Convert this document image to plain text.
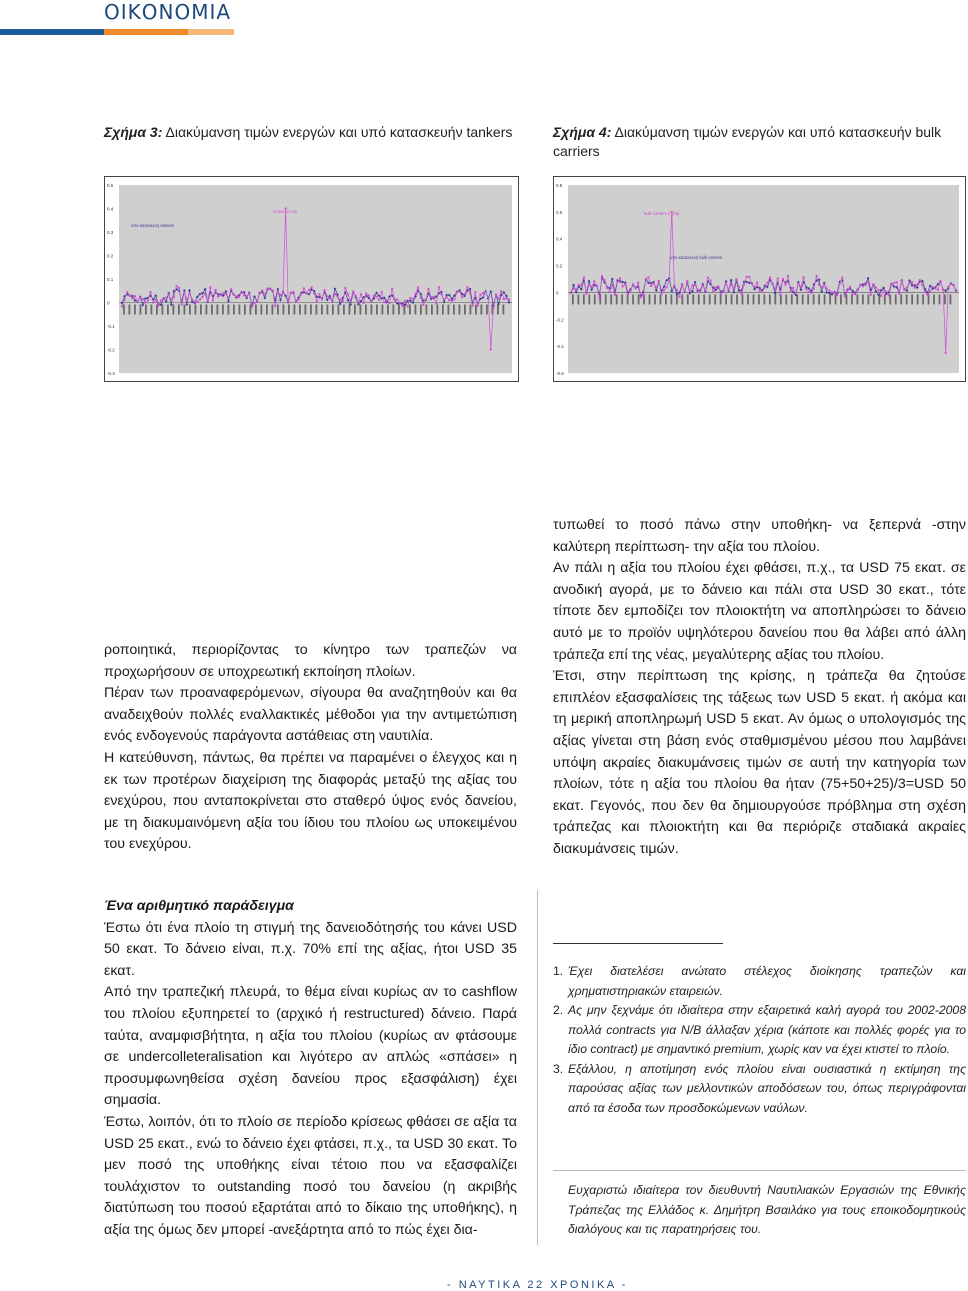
ΟΙΚΟΝΟΜΙΑ
Σχήμα 3: Διακύμανση τιμών ενεργών και υπό κατασκευήν tankers	Σχήμα 4: Διακύμανση τιμών ενεργών και υπό κατασκευήν bulk carriers
0.5
0.4
0.3
0.2
0.1
0
-0.1
-0.2
-0.3
υπο κατασκευή tankers
tankers2-c/or
0.8
0.6
0.4
0.2
0
-0.2
-0.4
-0.6
υπο κατασκευή bulk carriers
bulk carriers 5 y/op

ροποιητικά, περιορίζοντας το κίνητρο των τραπεζών να προχωρήσουν σε υποχρεωτική εκποίηση πλοίων.

Πέραν των προαναφερόμενων, σίγουρα θα αναζητηθούν και θα αναδειχθούν πολλές εναλλακτικές μέθοδοι για την αντιμετώπιση ενός ενδογενούς παράγοντα αστάθειας στη ναυτιλία.

Η κατεύθυνση, πάντως, θα πρέπει να παραμένει ο έλεγχος και η εκ των προτέρων διαχείριση της διαφοράς μεταξύ της αξίας του ενεχύρου, που ανταποκρίνεται στο σταθερό ύψος ενός δανείου, με τη διακυμαινόμενη αξία του ίδιου του πλοίου ως υποκειμένου του ενεχύρου.

τυπωθεί το ποσό πάνω στην υποθήκη- να ξεπερνά -στην καλύτερη περίπτωση- την αξία του πλοίου.

Αν πάλι η αξία του πλοίου έχει φθάσει, π.χ., τα USD 75 εκατ. σε ανοδική αγορά, με το δάνειο και πάλι στα USD 30 εκατ., τότε τίποτε δεν εμποδίζει τον πλοιοκτήτη να αποπληρώσει το δάνειο αυτό με το προϊόν υψηλότερου δανείου που θα λάβει από άλλη τράπεζα επί της νέας, μεγαλύτερης αξίας του πλοίου.

Έτσι, στην περίπτωση της κρίσης, η τράπεζα θα ζητούσε επιπλέον εξασφαλίσεις της τάξεως των USD 5 εκατ. ή ακόμα και τη μερική αποπληρωμή USD 5 εκατ. Αν όμως ο υπολογισμός της αξίας γίνεται στη βάση ενός σταθμισμένου μέσου που λαμβάνει υπόψη ακραίες διακυμάνσεις τιμών σε αυτή την κατηγορία των πλοίων, τότε η αξία του πλοίου θα ήταν (75+50+25)/3=USD 50 εκατ. Γεγονός, που δεν θα δημιουργούσε πρόβλημα στη σχέση τράπεζας και πλοιοκτήτη και θα περιόριζε σταδιακά ακραίες διακυμάνσεις τιμών.

Ένα αριθμητικό παράδειγμα

Έστω ότι ένα πλοίο τη στιγμή της δανειοδότησής του κάνει USD 50 εκατ. Το δάνειο είναι, π.χ. 70% επί της αξίας, ήτοι USD 35 εκατ.

Από την τραπεζική πλευρά, το θέμα είναι κυρίως αν το cashflow του πλοίου εξυπηρετεί το (αρχικό ή restructured) δάνειο. Παρά ταύτα, αναμφισβήτητα, η αξία του πλοίου (κυρίως αν φτάσουμε σε undercolleteralisation και λιγότερο αν απλώς «σπάσει» η προσυμφωνηθείσα σχέση δανείου προς εξασφάλιση) έχει σημασία.

Έστω, λοιπόν, ότι το πλοίο σε περίοδο κρίσεως φθάσει σε αξία τα USD 25 εκατ., ενώ το δάνειο έχει φτάσει, π.χ., τα USD 30 εκατ. Το μεν ποσό της υποθήκης είναι τέτοιο που να εξασφαλίζει τουλάχιστον το outstanding ποσό του δανείου (η ακριβής διατύπωση του ποσού εξαρτάται από το δίκαιο της υποθήκης), η αξία της όμως δεν μπορεί -ανεξάρτητα από το πώς έχει δια-

1. Έχει διατελέσει ανώτατο στέλεχος διοίκησης τραπεζών και χρηματιστηριακών εταιρειών.
2. Ας μην ξεχνάμε ότι ιδιαίτερα στην εξαιρετικά καλή αγορά του 2002-2008 πολλά contracts για N/B άλλαξαν χέρια (κάποτε και πολλές φορές για το ίδιο contract) με σημαντικό premium, χωρίς καν να έχει κτιστεί το πλοίο.
3. Εξάλλου, η αποτίμηση ενός πλοίου είναι ουσιαστικά η εκτίμηση της παρούσας αξίας των μελλοντικών αποδόσεων του, όπως περιγράφονται από τα έσοδα των προσδοκώμενων ναύλων.

Ευχαριστώ ιδιαίτερα τον διευθυντή Ναυτιλιακών Εργασιών της Εθνικής Τράπεζας της Ελλάδος κ. Δημήτρη Βσαιλάκο για τους εποικοδομητικούς διαλόγους και τις παρατηρήσεις του.

- ΝΑΥΤΙΚΑ 22 ΧΡΟΝΙΚΑ -
